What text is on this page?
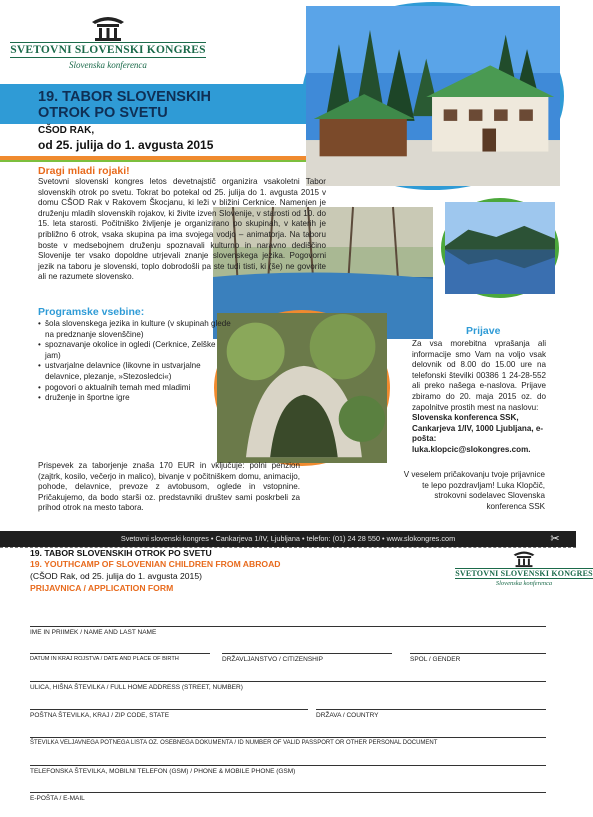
SVETOVNI SLOVENSKI KONGRES
Slovenska konferenca
19. TABOR SLOVENSKIH
OTROK PO SVETU
CŠOD RAK,
od 25. julija do 1. avgusta 2015
Dragi mladi rojaki!

Svetovni slovenski kongres letos devetnajstič organizira vsakoletni Tabor slovenskih otrok po svetu. Tokrat bo potekal od 25. julija do 1. avgusta 2015 v domu CŠOD Rak v Rakovem Škocjanu, ki leži v bližini Cerknice. Namenjen je druženju mladih slovenskih rojakov, ki živite izven Slovenije, v starosti od 10. do 15. leta starosti. Počitniško življenje je organizirano po skupinah, v katerih je približno 6 otrok, vsaka skupina pa ima svojega vodjo – animatorja. Na taboru boste v medsebojnem druženju spoznavali kulturno in naravno dediščino Slovenije ter vsako dopoldne utrjevali znanje slovenskega jezika. Pogovorni jezik na taboru je slovenski, toplo dobrodošli pa ste tudi tisti, ki (še) ne govorite ali ne razumete slovensko.

Programske vsebine:
• šola slovenskega jezika in kulture (v skupinah glede na predznanje slovenščine)
• spoznavanje okolice in ogledi (Cerknice, Zelške jam)
• ustvarjalne delavnice (likovne in ustvarjalne delavnice, plezanje, »Stezosledci«)
• pogovori o aktualnih temah med mladimi
• druženje in športne igre

Prispevek za taborjenje znaša 170 EUR in vključuje: polni penzion (zajtrk, kosilo, večerjo in malico), bivanje v počitniškem domu, animacijo, pohode, delavnice, prevoze z avtobusom, oglede in vstopnine. Pričakujemo, da bodo starši oz. predstavniki društev sami poskrbeli za prihod otrok na mesto tabora.

Prijave

Za vsa morebitna vprašanja ali informacije smo Vam na voljo vsak delovnik od 8.00 do 15.00 ure na telefonski številki 00386 1 24-28-552 ali preko našega e-naslova. Prijave zbiramo do 20. maja 2015 oz. do zapolnitve prostih mest na naslovu:

Slovenska konferenca SSK, Cankarjeva 1/IV, 1000 Ljubljana, e-pošta: luka.klopcic@slokongres.com.

V veselem pričakovanju tvoje prijavnice te lepo pozdravljam! Luka Klopčič, strokovni sodelavec Slovenska konferenca SSK
Svetovni slovenski kongres • Cankarjeva 1/IV, Ljubljana • telefon: (01) 24 28 550 • www.slokongres.com	✂
SVETOVNI SLOVENSKI KONGRES
Slovenska konferenca
19. TABOR SLOVENSKIH OTROK PO SVETU
19. YOUTHCAMP OF SLOVENIAN CHILDREN FROM ABROAD
(CŠOD Rak, od 25. julija do 1. avgusta 2015)
PRIJAVNICA / APPLICATION FORM
IME IN PRIIMEK / NAME AND LAST NAME
DATUM IN KRAJ ROJSTVA / DATE AND PLACE OF BIRTH	DRŽAVLJANSTVO / CITIZENSHIP	SPOL / GENDER
ULICA, HIŠNA ŠTEVILKA / FULL HOME ADDRESS (STREET, NUMBER)
POŠTNA ŠTEVILKA, KRAJ / ZIP CODE, STATE	DRŽAVA / COUNTRY
ŠTEVILKA VELJAVNEGA POTNEGA LISTA OZ. OSEBNEGA DOKUMENTA / ID NUMBER OF VALID PASSPORT OR OTHER PERSONAL DOCUMENT
TELEFONSKA ŠTEVILKA, MOBILNI TELEFON (GSM) / PHONE & MOBILE PHONE (GSM)
E-POŠTA / E-MAIL
